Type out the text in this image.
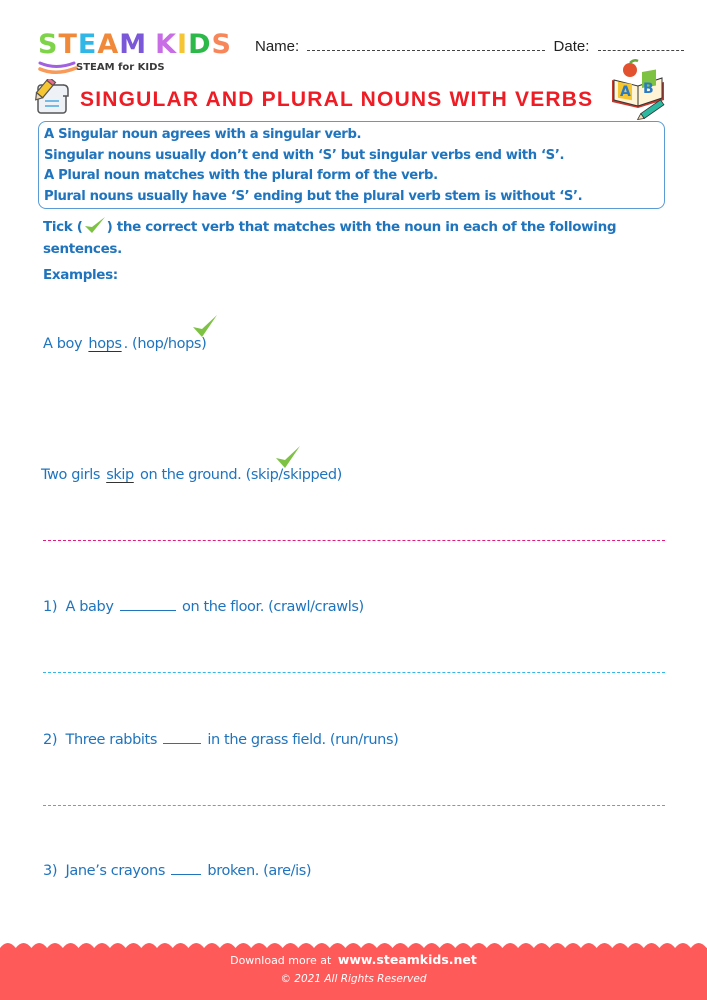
STEAM KIDS
STEAM for KIDS
Name:	Date:
SINGULAR AND PLURAL NOUNS WITH VERBS A B

A Singular noun agrees with a singular verb.

Singular nouns usually don’t end with ‘S’ but singular verbs end with ‘S’.

A Plural noun matches with the plural form of the verb.

Plural nouns usually have ‘S’ ending but the plural verb stem is without ‘S’.

Tick ( ) the correct verb that matches with the noun in each of the following sentences.
Examples:
A boy hops . (hop/hops)
Two girls skip on the ground. (skip/skipped)
1) A baby	on the floor. (crawl/crawls)
2) Three rabbits	in the grass field. (run/runs)
3) Jane’s crayons	broken. (are/is)
Download more at www.steamkids.net
© 2021 All Rights Reserved
